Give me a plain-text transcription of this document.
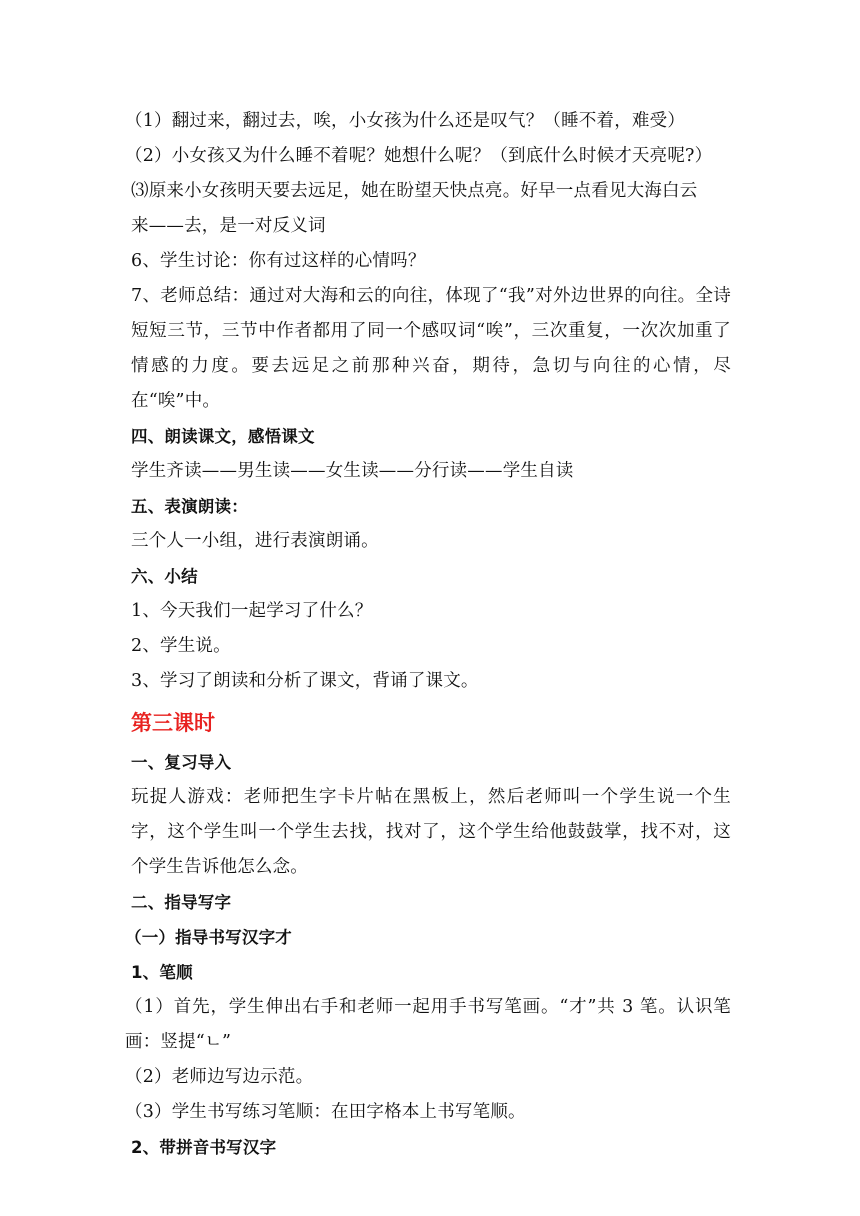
（1）翻过来，翻过去，唉，小女孩为什么还是叹气？（睡不着，难受）
（2）小女孩又为什么睡不着呢？她想什么呢？（到底什么时候才天亮呢?）
⑶原来小女孩明天要去远足，她在盼望天快点亮。好早一点看见大海白云
来——去，是一对反义词
6、学生讨论：你有过这样的心情吗？
7、老师总结：通过对大海和云的向往，体现了“我”对外边世界的向往。全诗短短三节，三节中作者都用了同一个感叹词“唉”，三次重复，一次次加重了情感的力度。要去远足之前那种兴奋，期待，急切与向往的心情，尽在“唉”中。
四、朗读课文，感悟课文
学生齐读——男生读——女生读——分行读——学生自读
五、表演朗读：
三个人一小组，进行表演朗诵。
六、小结
1、今天我们一起学习了什么？
2、学生说。
3、学习了朗读和分析了课文，背诵了课文。
第三课时
一、复习导入
玩捉人游戏：老师把生字卡片帖在黑板上，然后老师叫一个学生说一个生字，这个学生叫一个学生去找，找对了，这个学生给他鼓鼓掌，找不对，这个学生告诉他怎么念。
二、指导写字
（一）指导书写汉字才
1、笔顺
（1）首先，学生伸出右手和老师一起用手书写笔画。“才”共 3 笔。认识笔画：竖提“ㄴ”
（2）老师边写边示范。
（3）学生书写练习笔顺：在田字格本上书写笔顺。
2、带拼音书写汉字
